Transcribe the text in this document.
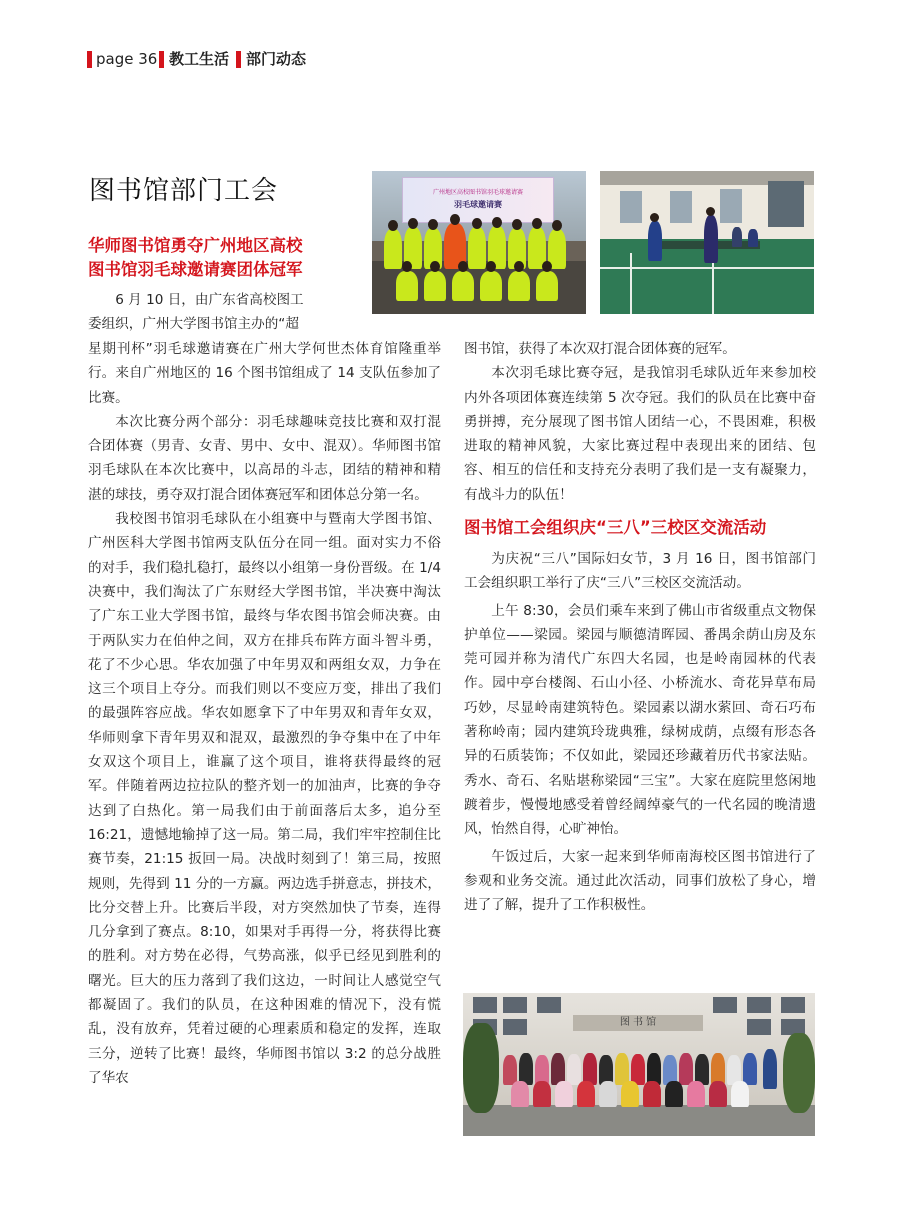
page 36 教工生活 部门动态
图书馆部门工会
华师图书馆勇夺广州地区高校
图书馆羽毛球邀请赛团体冠军

6 月 10 日，由广东省高校图工

委组织，广州大学图书馆主办的“超

星期刊杯”羽毛球邀请赛在广州大学何世杰体育馆隆重举行。来自广州地区的 16 个图书馆组成了 14 支队伍参加了比赛。

本次比赛分两个部分：羽毛球趣味竞技比赛和双打混合团体赛（男青、女青、男中、女中、混双）。华师图书馆羽毛球队在本次比赛中，以高昂的斗志，团结的精神和精湛的球技，勇夺双打混合团体赛冠军和团体总分第一名。

我校图书馆羽毛球队在小组赛中与暨南大学图书馆、广州医科大学图书馆两支队伍分在同一组。面对实力不俗的对手，我们稳扎稳打，最终以小组第一身份晋级。在 1/4 决赛中，我们淘汰了广东财经大学图书馆，半决赛中淘汰了广东工业大学图书馆，最终与华农图书馆会师决赛。由于两队实力在伯仲之间，双方在排兵布阵方面斗智斗勇，花了不少心思。华农加强了中年男双和两组女双，力争在这三个项目上夺分。而我们则以不变应万变，排出了我们的最强阵容应战。华农如愿拿下了中年男双和青年女双，华师则拿下青年男双和混双，最激烈的争夺集中在了中年女双这个项目上，谁赢了这个项目，谁将获得最终的冠军。伴随着两边拉拉队的整齐划一的加油声，比赛的争夺达到了白热化。第一局我们由于前面落后太多，追分至 16:21，遗憾地输掉了这一局。第二局，我们牢牢控制住比赛节奏，21:15 扳回一局。决战时刻到了！第三局，按照规则，先得到 11 分的一方赢。两边选手拼意志，拼技术，比分交替上升。比赛后半段，对方突然加快了节奏，连得几分拿到了赛点。8:10，如果对手再得一分，将获得比赛的胜利。对方势在必得，气势高涨，似乎已经见到胜利的曙光。巨大的压力落到了我们这边，一时间让人感觉空气都凝固了。我们的队员，在这种困难的情况下，没有慌乱，没有放弃，凭着过硬的心理素质和稳定的发挥，连取三分，逆转了比赛！最终，华师图书馆以 3:2 的总分战胜了华农

广州地区高校图书馆羽毛球邀请赛
羽毛球邀请赛

图书馆，获得了本次双打混合团体赛的冠军。

本次羽毛球比赛夺冠，是我馆羽毛球队近年来参加校内外各项团体赛连续第 5 次夺冠。我们的队员在比赛中奋勇拼搏，充分展现了图书馆人团结一心，不畏困难，积极进取的精神风貌，大家比赛过程中表现出来的团结、包容、相互的信任和支持充分表明了我们是一支有凝聚力，有战斗力的队伍！

图书馆工会组织庆“三八”三校区交流活动

为庆祝“三八”国际妇女节，3 月 16 日，图书馆部门工会组织职工举行了庆“三八”三校区交流活动。

上午 8:30，会员们乘车来到了佛山市省级重点文物保护单位——梁园。梁园与顺德清晖园、番禺余荫山房及东莞可园并称为清代广东四大名园，也是岭南园林的代表作。园中亭台楼阁、石山小径、小桥流水、奇花异草布局巧妙，尽显岭南建筑特色。梁园素以湖水萦回、奇石巧布著称岭南；园内建筑玲珑典雅，绿树成荫，点缀有形态各异的石质装饰；不仅如此，梁园还珍藏着历代书家法贴。秀水、奇石、名贴堪称梁园“三宝”。大家在庭院里悠闲地踱着步，慢慢地感受着曾经阔绰豪气的一代名园的晚清遗风，怡然自得，心旷神怡。

午饭过后，大家一起来到华师南海校区图书馆进行了参观和业务交流。通过此次活动，同事们放松了身心，增进了了解，提升了工作积极性。

图 书 馆
